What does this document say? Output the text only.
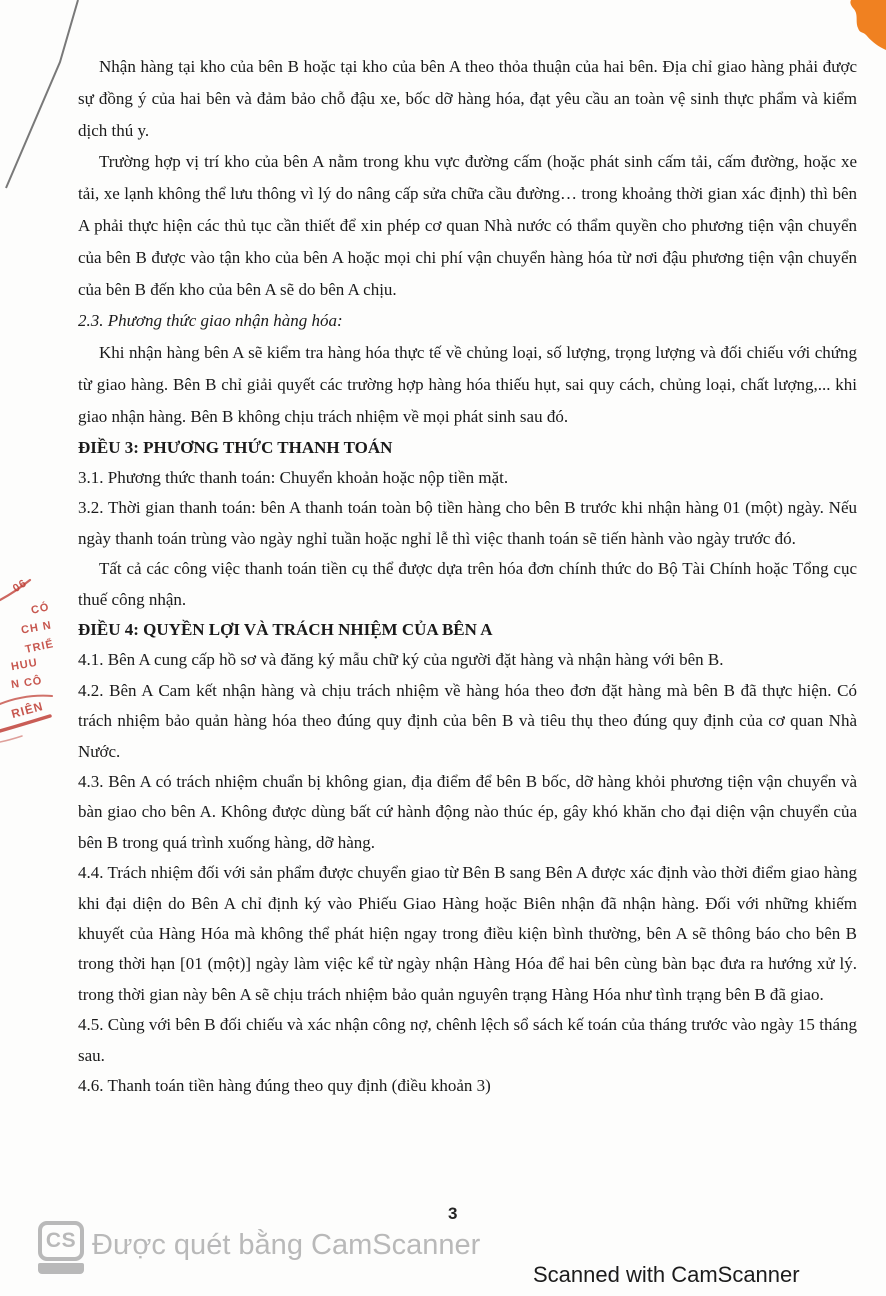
Nhận hàng tại kho của bên B hoặc tại kho của bên A theo thỏa thuận của hai bên. Địa chỉ giao hàng phải được sự đồng ý của hai bên và đảm bảo chỗ đậu xe, bốc dỡ hàng hóa, đạt yêu cầu an toàn vệ sinh thực phẩm và kiểm dịch thú y.

Trường hợp vị trí kho của bên A nằm trong khu vực đường cấm (hoặc phát sinh cấm tải, cấm đường, hoặc xe tải, xe lạnh không thể lưu thông vì lý do nâng cấp sửa chữa cầu đường… trong khoảng thời gian xác định) thì bên A phải thực hiện các thủ tục cần thiết để xin phép cơ quan Nhà nước có thẩm quyền cho phương tiện vận chuyển của bên B được vào tận kho của bên A hoặc mọi chi phí vận chuyển hàng hóa từ nơi đậu phương tiện vận chuyển của bên B đến kho của bên A sẽ do bên A chịu.

2.3. Phương thức giao nhận hàng hóa:

Khi nhận hàng bên A sẽ kiểm tra hàng hóa thực tế về chủng loại, số lượng, trọng lượng và đối chiếu với chứng từ giao hàng. Bên B chỉ giải quyết các trường hợp hàng hóa thiếu hụt, sai quy cách, chủng loại, chất lượng,... khi giao nhận hàng. Bên B không chịu trách nhiệm về mọi phát sinh sau đó.

ĐIỀU 3: PHƯƠNG THỨC THANH TOÁN

3.1. Phương thức thanh toán: Chuyển khoản hoặc nộp tiền mặt.

3.2. Thời gian thanh toán: bên A thanh toán toàn bộ tiền hàng cho bên B trước khi nhận hàng 01 (một) ngày. Nếu ngày thanh toán trùng vào ngày nghỉ tuần hoặc nghỉ lễ thì việc thanh toán sẽ tiến hành vào ngày trước đó.

Tất cả các công việc thanh toán tiền cụ thể được dựa trên hóa đơn chính thức do Bộ Tài Chính hoặc Tổng cục thuế công nhận.

ĐIỀU 4: QUYỀN LỢI VÀ TRÁCH NHIỆM CỦA BÊN A

4.1. Bên A cung cấp hồ sơ và đăng ký mẫu chữ ký của người đặt hàng và nhận hàng với bên B.

4.2. Bên A Cam kết nhận hàng và chịu trách nhiệm về hàng hóa theo đơn đặt hàng mà bên B đã thực hiện. Có trách nhiệm bảo quản hàng hóa theo đúng quy định của bên B và tiêu thụ theo đúng quy định của cơ quan Nhà Nước.

4.3. Bên A có trách nhiệm chuẩn bị không gian, địa điểm để bên B bốc, dỡ hàng khỏi phương tiện vận chuyển và bàn giao cho bên A. Không được dùng bất cứ hành động nào thúc ép, gây khó khăn cho đại diện vận chuyển của bên B trong quá trình xuống hàng, dỡ hàng.

4.4. Trách nhiệm đối với sản phẩm được chuyển giao từ Bên B sang Bên A được xác định vào thời điểm giao hàng khi đại diện do Bên A chỉ định ký vào Phiếu Giao Hàng hoặc Biên nhận đã nhận hàng. Đối với những khiếm khuyết của Hàng Hóa mà không thể phát hiện ngay trong điều kiện bình thường, bên A sẽ thông báo cho bên B trong thời hạn [01 (một)] ngày làm việc kể từ ngày nhận Hàng Hóa để hai bên cùng bàn bạc đưa ra hướng xử lý. trong thời gian này bên A sẽ chịu trách nhiệm bảo quản nguyên trạng Hàng Hóa như tình trạng bên B đã giao.

4.5. Cùng với bên B đối chiếu và xác nhận công nợ, chênh lệch sổ sách kế toán của tháng trước vào ngày 15 tháng sau.

4.6. Thanh toán tiền hàng đúng theo quy định (điều khoản 3)

06
CÓ
CH N
TRIỂ
HUU
N CÔ
RIÊN
3
CS Được quét bằng CamScanner
Scanned with CamScanner
